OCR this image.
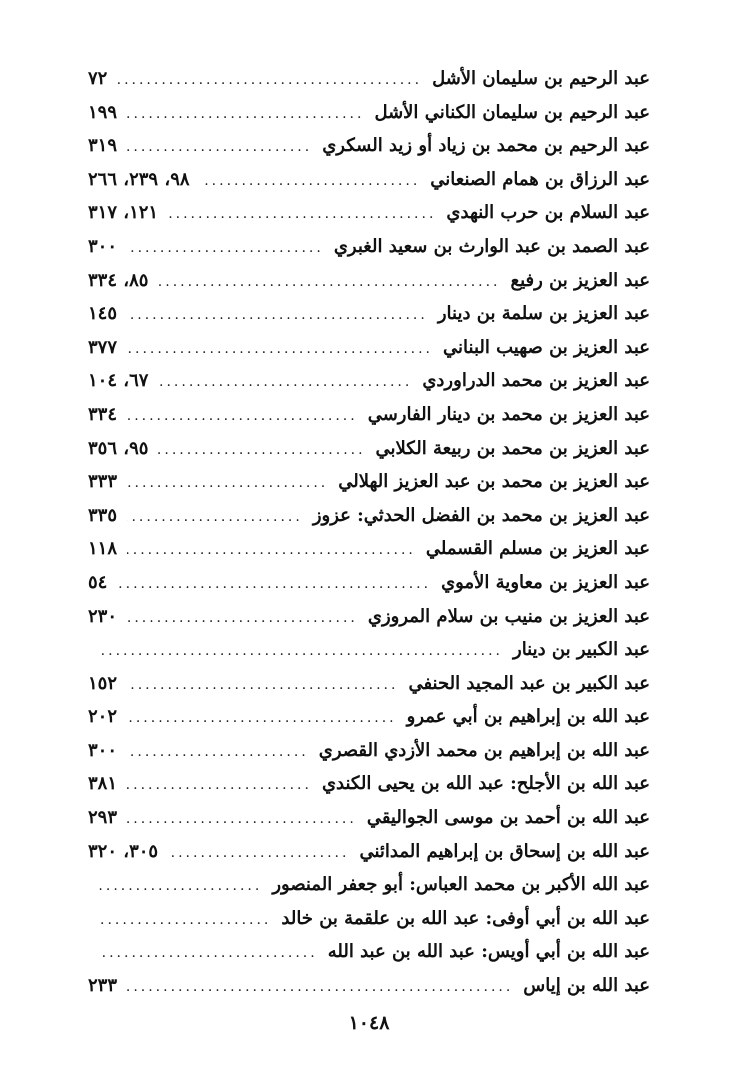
عبد الرحيم بن سليمان الأشل
.....
٧٢
عبد الرحيم بن سليمان الكناني الأشل
.....
١٩٩
عبد الرحيم بن محمد بن زياد أو زيد السكري
.....
٣١٩
عبد الرزاق بن همام الصنعاني
.....
٩٨، ٢٣٩، ٢٦٦
عبد السلام بن حرب النهدي
.....
١٢١، ٣١٧
عبد الصمد بن عبد الوارث بن سعيد الغبري
.....
٣٠٠
عبد العزيز بن رفيع
.....
٨٥، ٣٣٤
عبد العزيز بن سلمة بن دينار
.....
١٤٥
عبد العزيز بن صهيب البناني
.....
٣٧٧
عبد العزيز بن محمد الدراوردي
.....
٦٧، ١٠٤
عبد العزيز بن محمد بن دينار الفارسي
.....
٣٣٤
عبد العزيز بن محمد بن ربيعة الكلابي
.....
٩٥، ٣٥٦
عبد العزيز بن محمد بن عبد العزيز الهلالي
.....
٣٣٣
عبد العزيز بن محمد بن الفضل الحدثي: عزوز
.....
٣٣٥
عبد العزيز بن مسلم القسملي
.....
١١٨
عبد العزيز بن معاوية الأموي
.....
٥٤
عبد العزيز بن منيب بن سلام المروزي
.....
٢٣٠
عبد الكبير بن دينار
.....
عبد الكبير بن عبد المجيد الحنفي
.....
١٥٢
عبد الله بن إبراهيم بن أبي عمرو
.....
٢٠٢
عبد الله بن إبراهيم بن محمد الأزدي القصري
.....
٣٠٠
عبد الله بن الأجلح: عبد الله بن يحيى الكندي
.....
٣٨١
عبد الله بن أحمد بن موسى الجواليقي
.....
٢٩٣
عبد الله بن إسحاق بن إبراهيم المدائني
.....
٣٠٥، ٣٢٠
عبد الله الأكبر بن محمد العباس: أبو جعفر المنصور
.....
عبد الله بن أبي أوفى: عبد الله بن علقمة بن خالد
.....
عبد الله بن أبي أويس: عبد الله بن عبد الله
.....
عبد الله بن إياس
.....
٢٣٣
١٠٤٨
